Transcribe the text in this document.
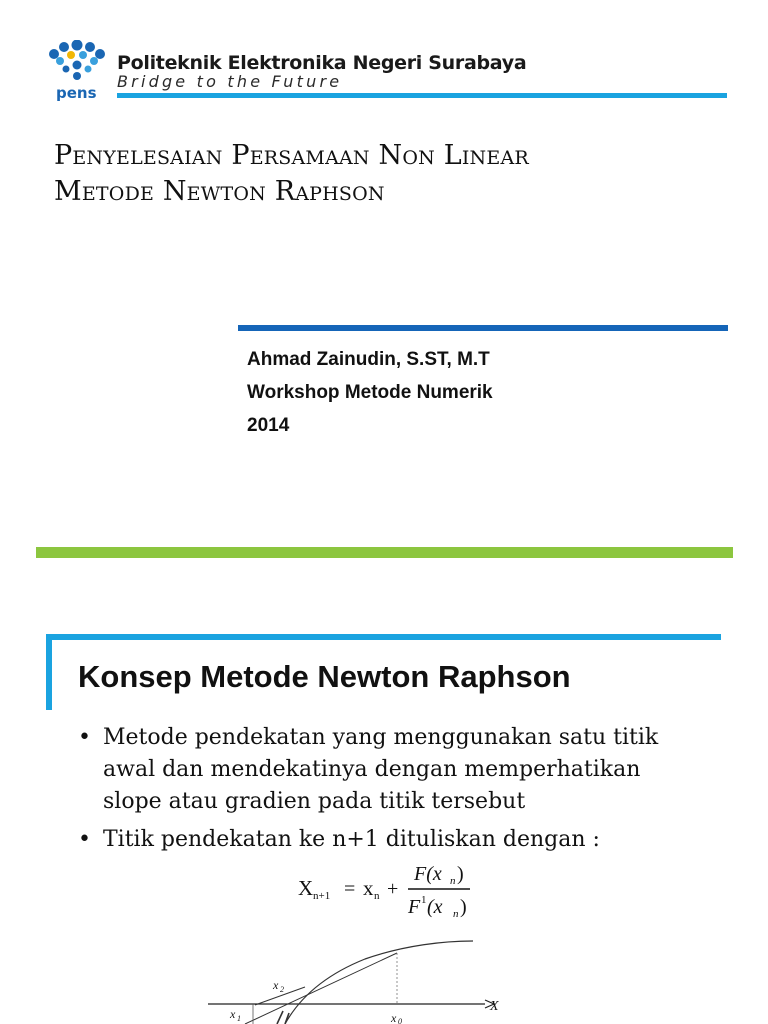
pens
Politeknik Elektronika Negeri Surabaya
Bridge to the Future
Penyelesaian Persamaan Non Linear
Metode Newton Raphson
Ahmad Zainudin, S.ST, M.T
Workshop Metode Numerik
2014
Konsep Metode Newton Raphson
• Metode pendekatan yang menggunakan satu titik awal dan mendekatinya dengan memperhatikan slope atau gradien pada titik tersebut
• Titik pendekatan ke n+1 dituliskan dengan :
X n+1 = x n +
F(x n )
F 1 (x n )
X
x 2
x 1	x 0
